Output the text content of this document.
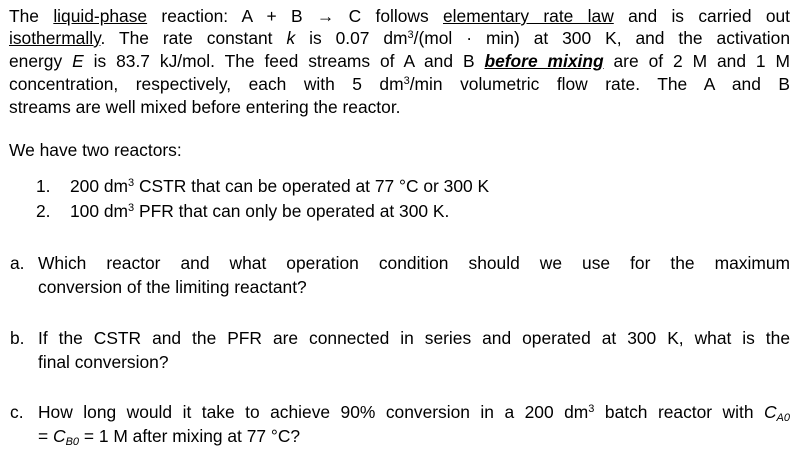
The liquid-phase reaction: A + B → C follows elementary rate law and is carried out
isothermally. The rate constant k is 0.07 $dm^3/(mol \cdot \min)$ at 300 K, and the activation
energy E is 83.7 kJ/mol. The feed streams of A and B before mixing are of 2 M and 1 M
concentration, respectively, each with 5 $dm^3/\min$ volumetric flow rate. The A and B
streams are well mixed before entering the reactor.
We have two reactors:
1. 200 $dm^3$ CSTR that can be operated at 77 °C or 300 K
2. 100 $dm^3$ PFR that can only be operated at 300 K.
a. Which reactor and what operation condition should we use for the maximum
conversion of the limiting reactant?
b. If the CSTR and the PFR are connected in series and operated at 300 K, what is the
final conversion?
c. How long would it take to achieve 90% conversion in a 200 $dm^3$ batch reactor with $C_{A0}$
= $C_{B0} = 1$ M after mixing at 77 °C?
